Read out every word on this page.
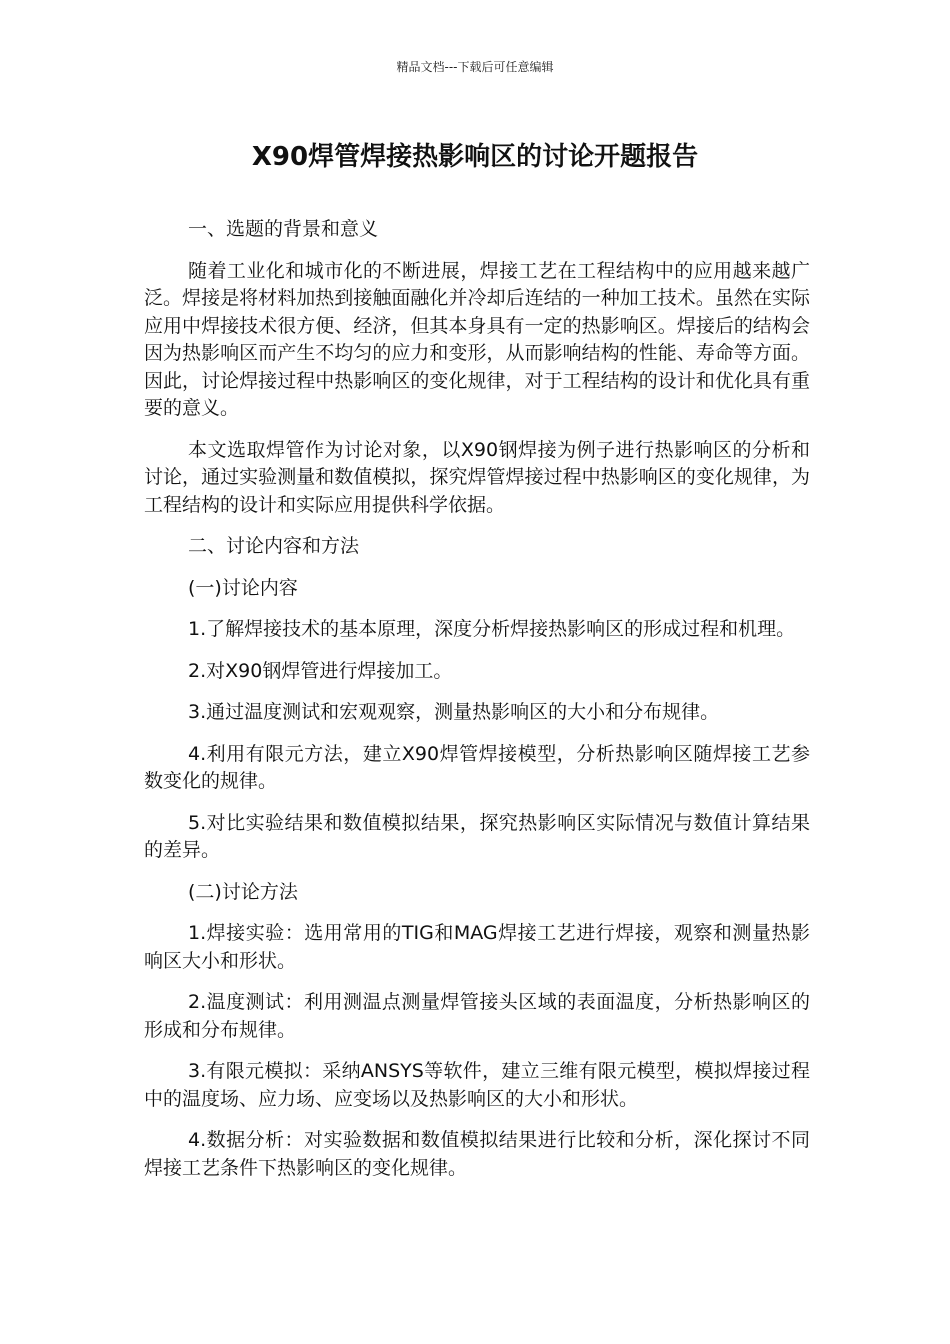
精品文档---下载后可任意编辑
X90焊管焊接热影响区的讨论开题报告

一、选题的背景和意义

随着工业化和城市化的不断进展，焊接工艺在工程结构中的应用越来越广泛。焊接是将材料加热到接触面融化并冷却后连结的一种加工技术。虽然在实际应用中焊接技术很方便、经济，但其本身具有一定的热影响区。焊接后的结构会因为热影响区而产生不均匀的应力和变形，从而影响结构的性能、寿命等方面。因此，讨论焊接过程中热影响区的变化规律，对于工程结构的设计和优化具有重要的意义。

本文选取焊管作为讨论对象，以X90钢焊接为例子进行热影响区的分析和讨论，通过实验测量和数值模拟，探究焊管焊接过程中热影响区的变化规律，为工程结构的设计和实际应用提供科学依据。

二、讨论内容和方法

(一)讨论内容

1.了解焊接技术的基本原理，深度分析焊接热影响区的形成过程和机理。

2.对X90钢焊管进行焊接加工。

3.通过温度测试和宏观观察，测量热影响区的大小和分布规律。

4.利用有限元方法，建立X90焊管焊接模型，分析热影响区随焊接工艺参数变化的规律。

5.对比实验结果和数值模拟结果，探究热影响区实际情况与数值计算结果的差异。

(二)讨论方法

1.焊接实验：选用常用的TIG和MAG焊接工艺进行焊接，观察和测量热影响区大小和形状。

2.温度测试：利用测温点测量焊管接头区域的表面温度，分析热影响区的形成和分布规律。

3.有限元模拟：采纳ANSYS等软件，建立三维有限元模型，模拟焊接过程中的温度场、应力场、应变场以及热影响区的大小和形状。

4.数据分析：对实验数据和数值模拟结果进行比较和分析，深化探讨不同焊接工艺条件下热影响区的变化规律。
